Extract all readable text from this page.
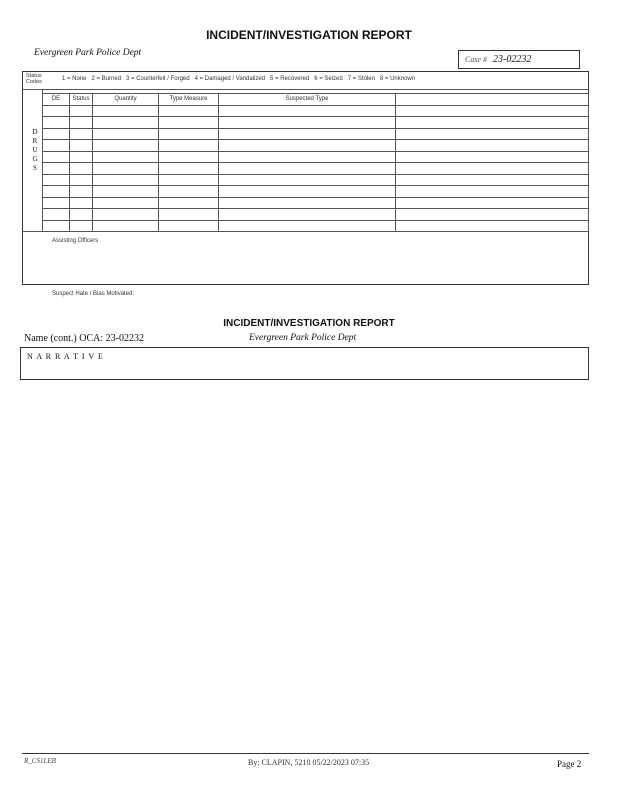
INCIDENT/INVESTIGATION REPORT
Evergreen Park Police Dept
Case # 23-02232
Status Codes	1 = None   2 = Burned   3 = Counterfeit / Forged   4 = Damaged / Vandalized   5 = Recovered   6 = Seized   7 = Stolen   8 = Unknown
D
R
U
G
S
DE	Status	Quantity	Type Measure	Suspected Type	

Assisting Officers
Suspect Hate / Bias Motivated:
INCIDENT/INVESTIGATION REPORT
Name (cont.) OCA: 23-02232	Evergreen Park Police Dept
N A R R A T I V E
R_CS1LEB	By: CLAPIN, 5210 05/22/2023 07:35	Page 2
